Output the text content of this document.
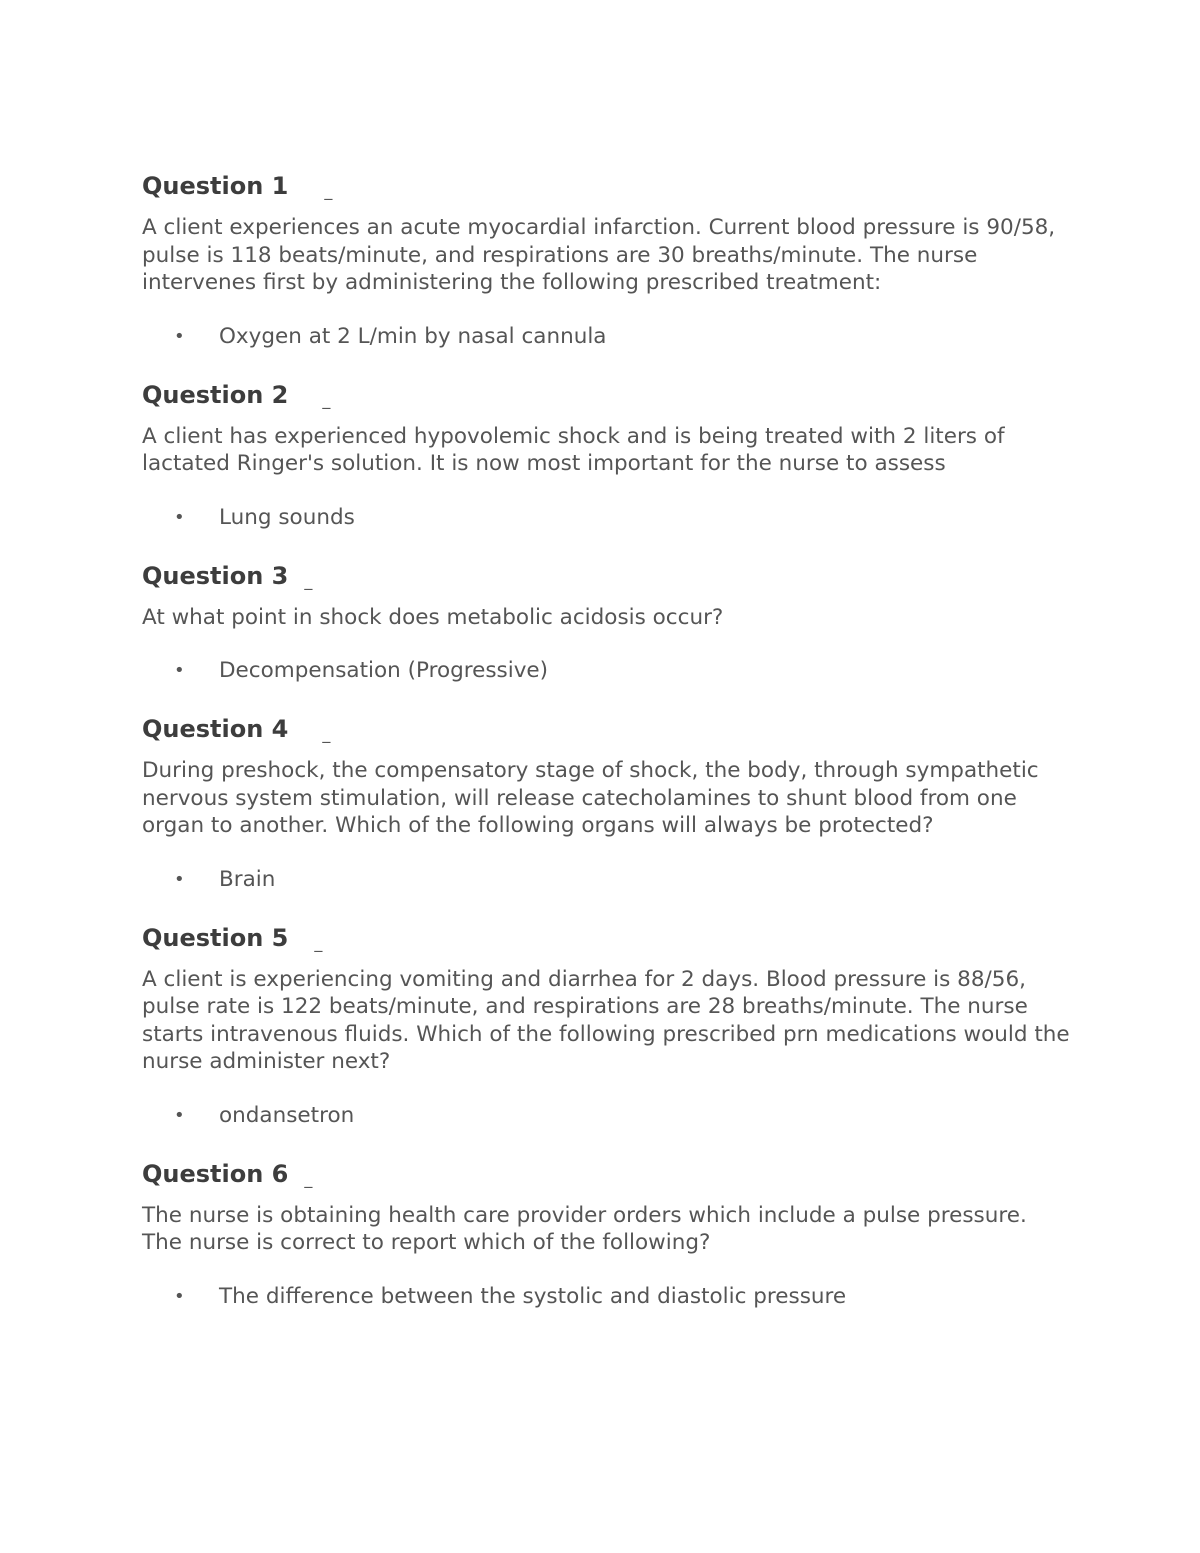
Question 1 _

A client experiences an acute myocardial infarction. Current blood pressure is 90/58, pulse is 118 beats/minute, and respirations are 30 breaths/minute. The nurse intervenes first by administering the following prescribed treatment:

• Oxygen at 2 L/min by nasal cannula
Question 2 _

A client has experienced hypovolemic shock and is being treated with 2 liters of lactated Ringer's solution. It is now most important for the nurse to assess

• Lung sounds
Question 3 _

At what point in shock does metabolic acidosis occur?

• Decompensation (Progressive)
Question 4 _

During preshock, the compensatory stage of shock, the body, through sympathetic nervous system stimulation, will release catecholamines to shunt blood from one organ to another. Which of the following organs will always be protected?

• Brain
Question 5 _

A client is experiencing vomiting and diarrhea for 2 days. Blood pressure is 88/56, pulse rate is 122 beats/minute, and respirations are 28 breaths/minute. The nurse starts intravenous fluids. Which of the following prescribed prn medications would the nurse administer next?

• ondansetron
Question 6 _

The nurse is obtaining health care provider orders which include a pulse pressure. The nurse is correct to report which of the following?

• The difference between the systolic and diastolic pressure
